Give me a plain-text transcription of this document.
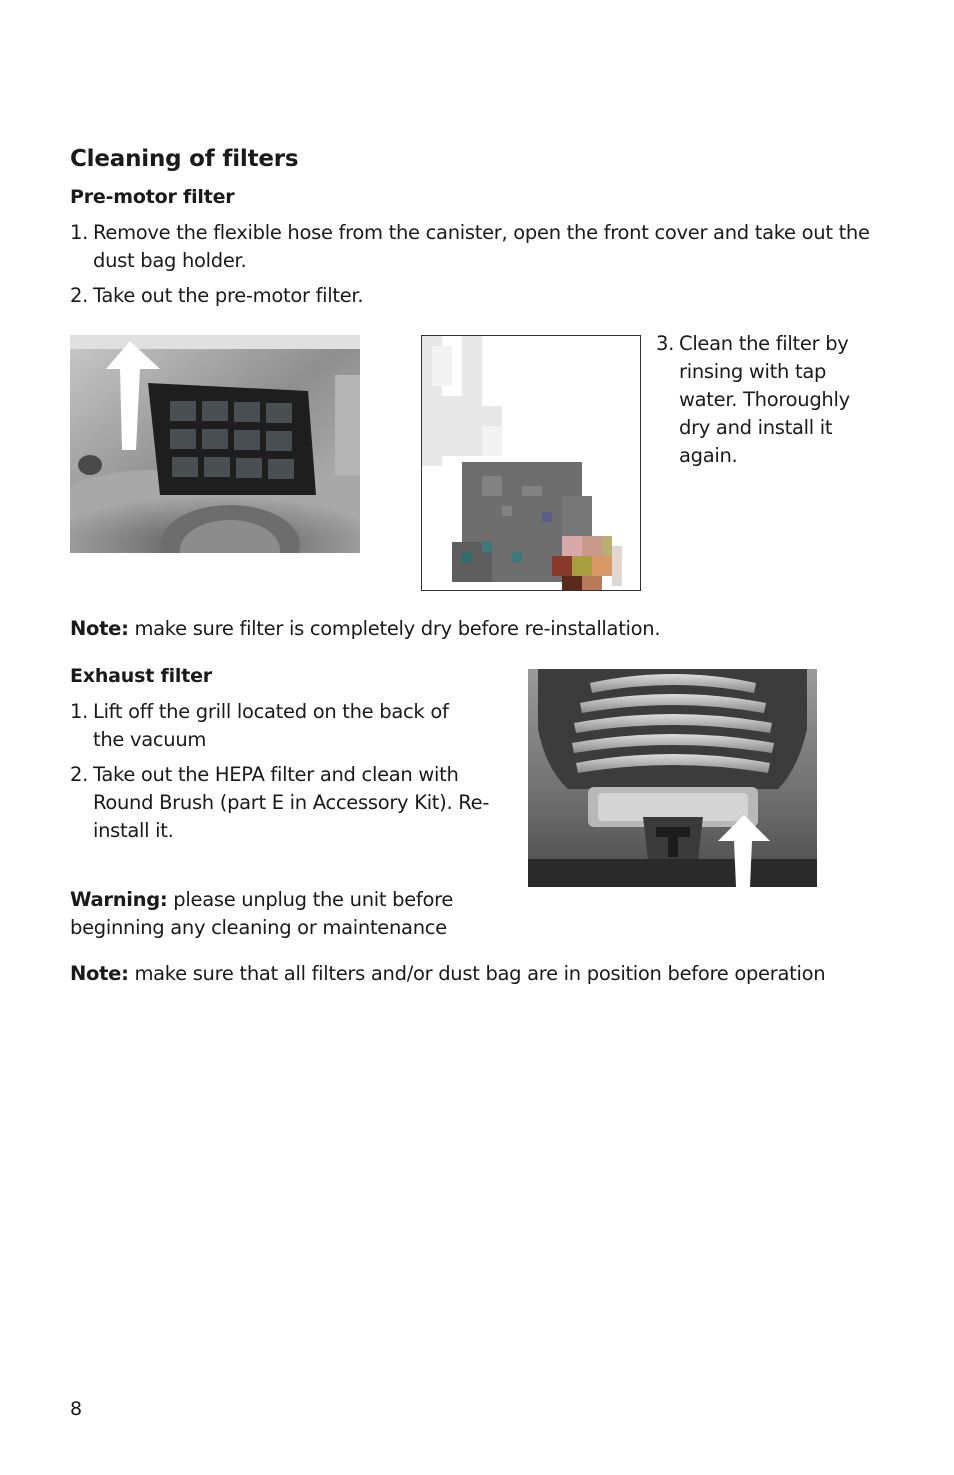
Cleaning of filters
Pre-motor filter
1. Remove the flexible hose from the canister, open the front cover and take out the dust bag holder.
2. Take out the pre-motor filter.
3. Clean the filter by rinsing with tap water. Thoroughly dry and install it again.

Note: make sure filter is completely dry before re-installation.

Exhaust filter
1. Lift off the grill located on the back of the vacuum
2. Take out the HEPA filter and clean with Round Brush (part E in Accessory Kit). Re-install it.

Warning: please unplug the unit before beginning any cleaning or maintenance

Note: make sure that all filters and/or dust bag are in position before operation

8
